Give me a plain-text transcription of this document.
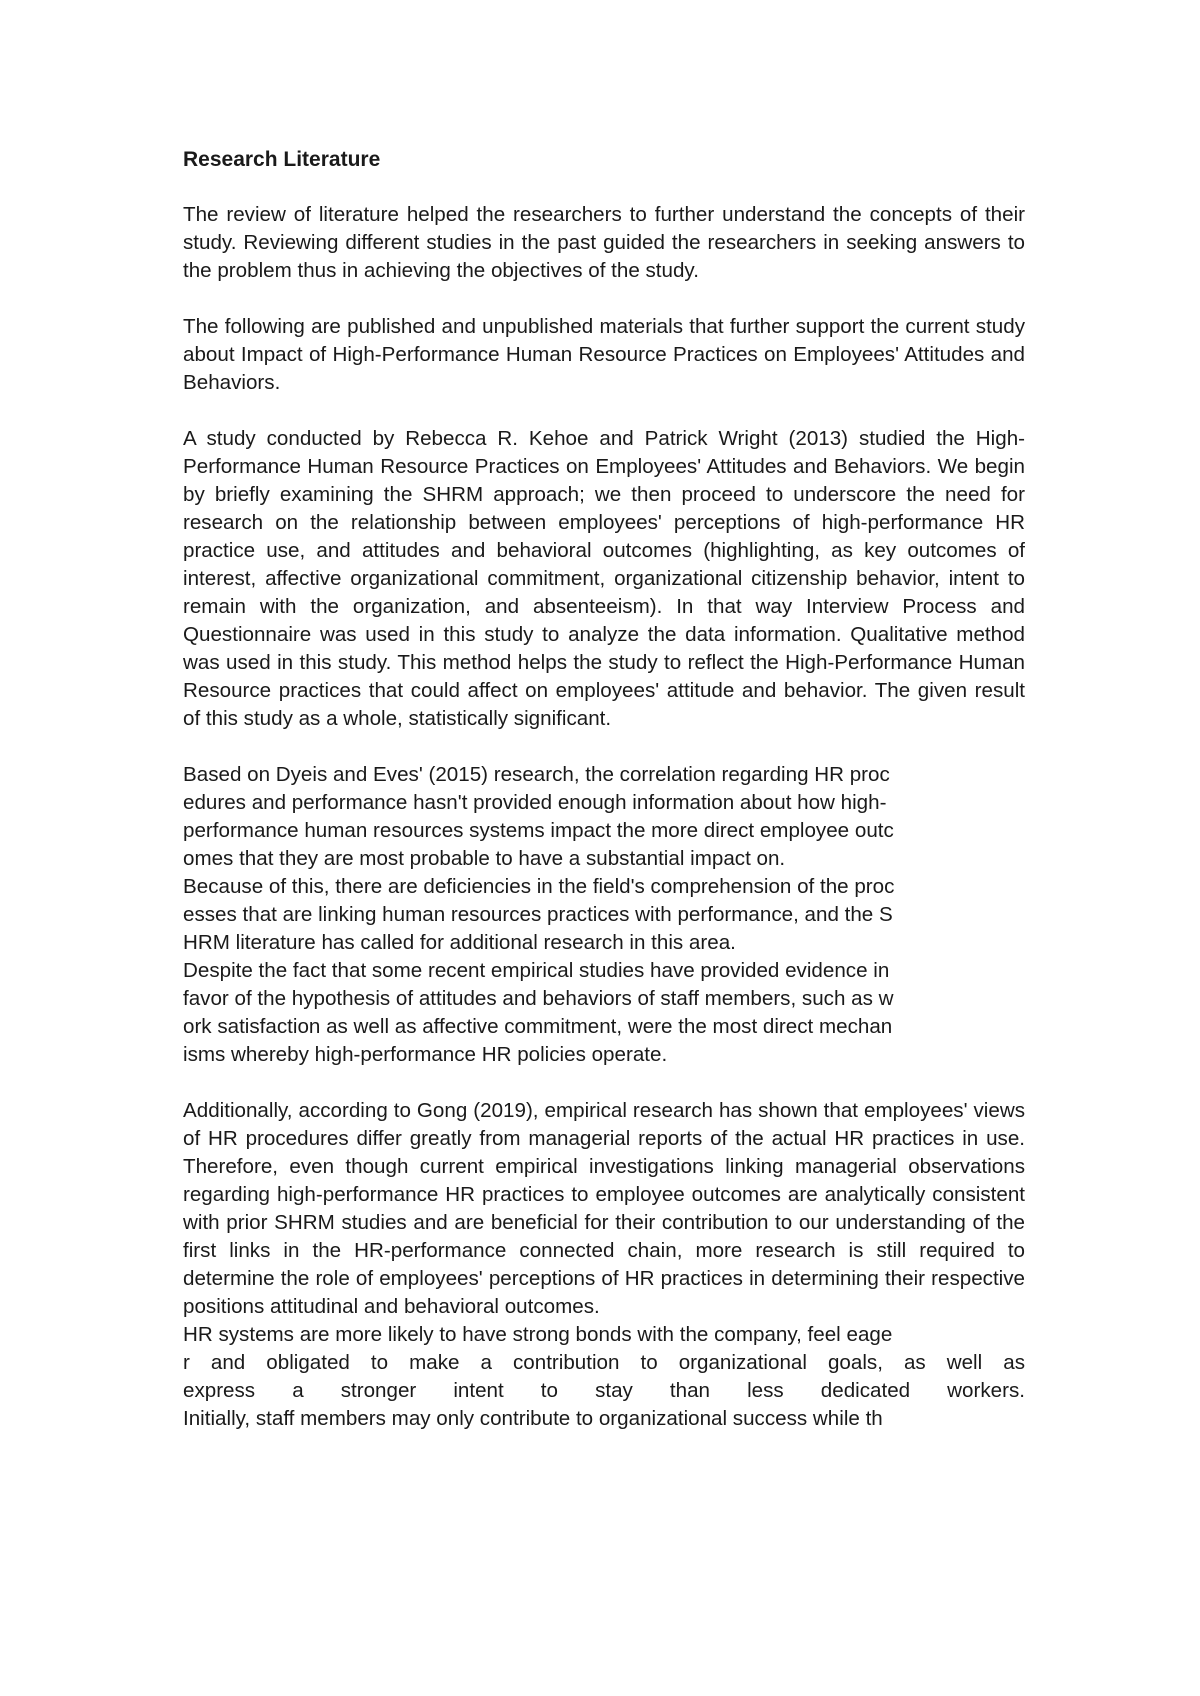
Research Literature

The review of literature helped the researchers to further understand the concepts of their study. Reviewing different studies in the past guided the researchers in seeking answers to the problem thus in achieving the objectives of the study.

The following are published and unpublished materials that further support the current study about Impact of High-Performance Human Resource Practices on Employees' Attitudes and Behaviors.

A study conducted by Rebecca R. Kehoe and Patrick Wright (2013) studied the High-Performance Human Resource Practices on Employees' Attitudes and Behaviors. We begin by briefly examining the SHRM approach; we then proceed to underscore the need for research on the relationship between employees' perceptions of high-performance HR practice use, and attitudes and behavioral outcomes (highlighting, as key outcomes of interest, affective organizational commitment, organizational citizenship behavior, intent to remain with the organization, and absenteeism). In that way Interview Process and Questionnaire was used in this study to analyze the data information. Qualitative method was used in this study. This method helps the study to reflect the High-Performance Human Resource practices that could affect on employees' attitude and behavior. The given result of this study as a whole, statistically significant.

Based on Dyeis and Eves' (2015) research, the correlation regarding HR proc
edures and performance hasn't provided enough information about how high-
performance human resources systems impact the more direct employee outc
omes that they are most probable to have a substantial impact on.
Because of this, there are deficiencies in the field's comprehension of the proc
esses that are linking human resources practices with performance, and the S
HRM literature has called for additional research in this area.
Despite the fact that some recent empirical studies have provided evidence in
favor of the hypothesis of attitudes and behaviors of staff members, such as w
ork satisfaction as well as affective commitment, were the most direct mechan
isms whereby high-performance HR policies operate.
Additionally, according to Gong (2019), empirical research has shown that employees' views of HR procedures differ greatly from managerial reports of the actual HR practices in use. Therefore, even though current empirical investigations linking managerial observations regarding high-performance HR practices to employee outcomes are analytically consistent with prior SHRM studies and are beneficial for their contribution to our understanding of the first links in the HR-performance connected chain, more research is still required to determine the role of employees' perceptions of HR practices in determining their respective positions attitudinal and behavioral outcomes.
HR systems are more likely to have strong bonds with the company, feel eage
r and obligated to make a contribution to organizational goals, as well as
express a stronger intent to stay than less dedicated workers.
Initially, staff members may only contribute to organizational success while th
